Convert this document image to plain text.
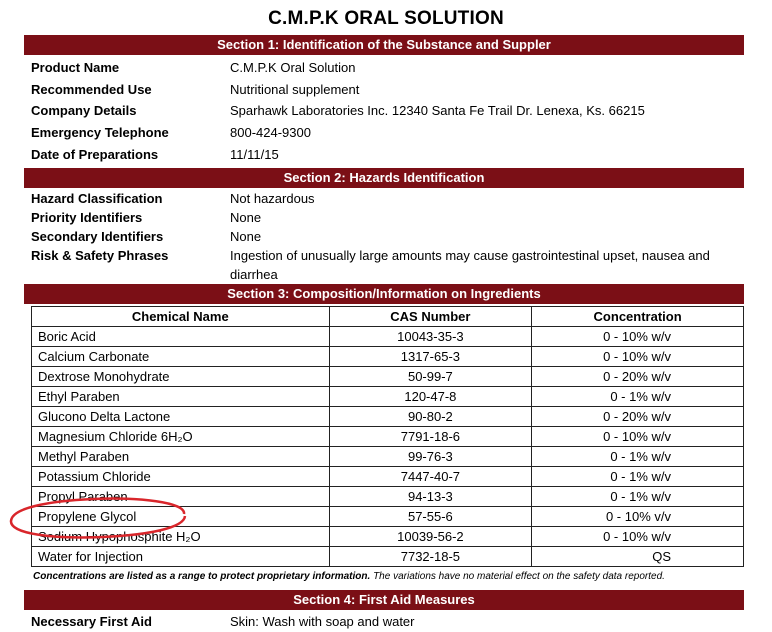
C.M.P.K ORAL SOLUTION
Section 1: Identification of the Substance and Suppler
Product Name	C.M.P.K Oral Solution
Recommended Use	Nutritional supplement
Company Details	Sparhawk Laboratories Inc. 12340 Santa Fe Trail Dr. Lenexa, Ks. 66215
Emergency Telephone	800-424-9300
Date of Preparations	11/11/15
Section 2: Hazards Identification
Hazard Classification	Not hazardous
Priority Identifiers	None
Secondary Identifiers	None
Risk & Safety Phrases	Ingestion of unusually large amounts may cause gastrointestinal upset, nausea and diarrhea
Section 3: Composition/Information on Ingredients
Chemical Name	CAS Number	Concentration
Boric Acid	10043-35-3	0 - 10% w/v
Calcium Carbonate	1317-65-3	0 - 10% w/v
Dextrose Monohydrate	50-99-7	0 - 20% w/v
Ethyl Paraben	120-47-8	0 - 1% w/v
Glucono Delta Lactone	90-80-2	0 - 20% w/v
Magnesium Chloride 6H₂O	7791-18-6	0 - 10% w/v
Methyl Paraben	99-76-3	0 - 1% w/v
Potassium Chloride	7447-40-7	0 - 1% w/v
Propyl Paraben	94-13-3	0 - 1% w/v
Propylene Glycol	57-55-6	0 - 10% v/v
Sodium Hypophosphite H₂O	10039-56-2	0 - 10% w/v
Water for Injection	7732-18-5	QS
Concentrations are listed as a range to protect proprietary information. The variations have no material effect on the safety data reported.
Section 4: First Aid Measures
Necessary First Aid	Skin: Wash with soap and water
